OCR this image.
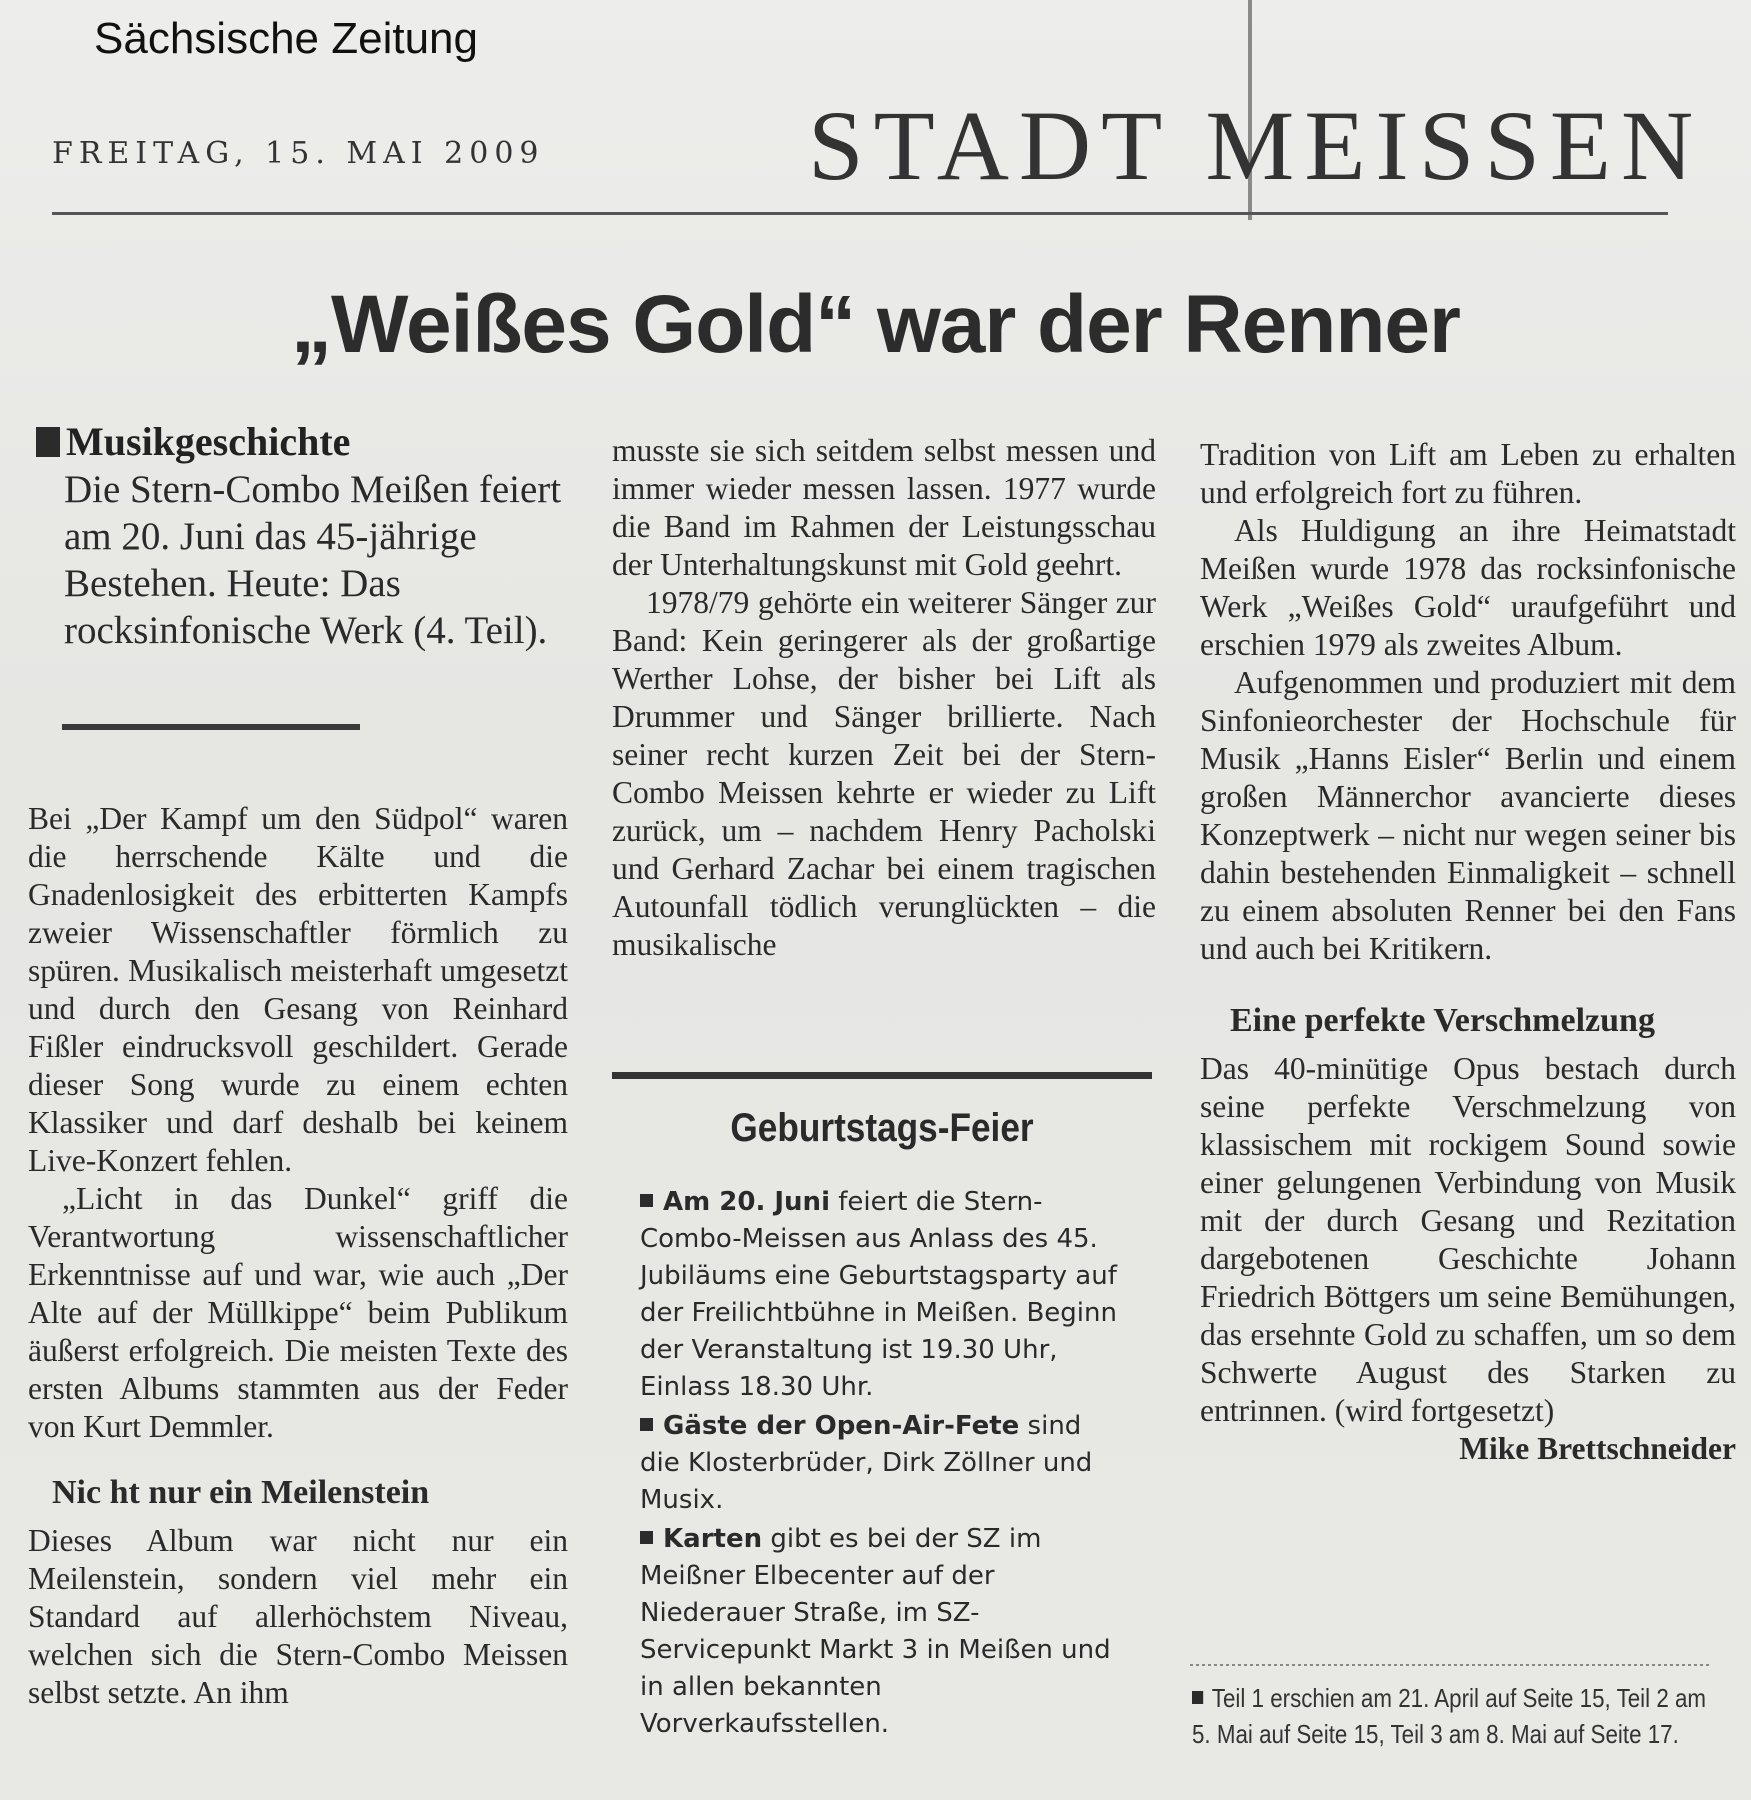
Sächsische Zeitung
FREITAG, 15. MAI 2009	STADT MEISSEN
„Weißes Gold“ war der Renner
Musikgeschichte
Die Stern-Combo Meißen feiert am 20. Juni das 45-jährige Bestehen. Heute: Das rocksinfonische Werk (4. Teil).

Bei „Der Kampf um den Südpol“ waren die herrschende Kälte und die Gnadenlosigkeit des erbitterten Kampfs zweier Wissenschaftler förmlich zu spüren. Musikalisch meisterhaft umgesetzt und durch den Gesang von Reinhard Fißler eindrucksvoll geschildert. Gerade dieser Song wurde zu einem echten Klassiker und darf deshalb bei keinem Live-Konzert fehlen.

„Licht in das Dunkel“ griff die Verantwortung wissenschaftlicher Erkenntnisse auf und war, wie auch „Der Alte auf der Müllkippe“ beim Publikum äußerst erfolgreich. Die meisten Texte des ersten Albums stammten aus der Feder von Kurt Demmler.

Nic ht nur ein Meilenstein

Dieses Album war nicht nur ein Meilenstein, sondern viel mehr ein Standard auf allerhöchstem Niveau, welchen sich die Stern-Combo Meissen selbst setzte. An ihm

musste sie sich seitdem selbst messen und immer wieder messen lassen. 1977 wurde die Band im Rahmen der Leistungsschau der Unterhaltungskunst mit Gold geehrt.

1978/79 gehörte ein weiterer Sänger zur Band: Kein geringerer als der großartige Werther Lohse, der bisher bei Lift als Drummer und Sänger brillierte. Nach seiner recht kurzen Zeit bei der Stern-Combo Meissen kehrte er wieder zu Lift zurück, um – nachdem Henry Pacholski und Gerhard Zachar bei einem tragischen Autounfall tödlich verunglückten – die musikalische

Geburtstags-Feier

Am 20. Juni feiert die Stern-Combo-Meissen aus Anlass des 45. Jubiläums eine Geburtstagsparty auf der Freilichtbühne in Meißen. Beginn der Veranstaltung ist 19.30 Uhr, Einlass 18.30 Uhr.

Gäste der Open-Air-Fete sind die Klosterbrüder, Dirk Zöllner und Musix.

Karten gibt es bei der SZ im Meißner Elbecenter auf der Niederauer Straße, im SZ-Servicepunkt Markt 3 in Meißen und in allen bekannten Vorverkaufsstellen.

Tradition von Lift am Leben zu erhalten und erfolgreich fort zu führen.

Als Huldigung an ihre Heimatstadt Meißen wurde 1978 das rocksinfonische Werk „Weißes Gold“ uraufgeführt und erschien 1979 als zweites Album.

Aufgenommen und produziert mit dem Sinfonieorchester der Hochschule für Musik „Hanns Eisler“ Berlin und einem großen Männerchor avancierte dieses Konzeptwerk – nicht nur wegen seiner bis dahin bestehenden Einmaligkeit – schnell zu einem absoluten Renner bei den Fans und auch bei Kritikern.

Eine perfekte Verschmelzung

Das 40-minütige Opus bestach durch seine perfekte Verschmelzung von klassischem mit rockigem Sound sowie einer gelungenen Verbindung von Musik mit der durch Gesang und Rezitation dargebotenen Geschichte Johann Friedrich Böttgers um seine Bemühungen, das ersehnte Gold zu schaffen, um so dem Schwerte August des Starken zu entrinnen. (wird fortgesetzt)
Mike Brettschneider

Teil 1 erschien am 21. April auf Seite 15, Teil 2 am 5. Mai auf Seite 15, Teil 3 am 8. Mai auf Seite 17.
